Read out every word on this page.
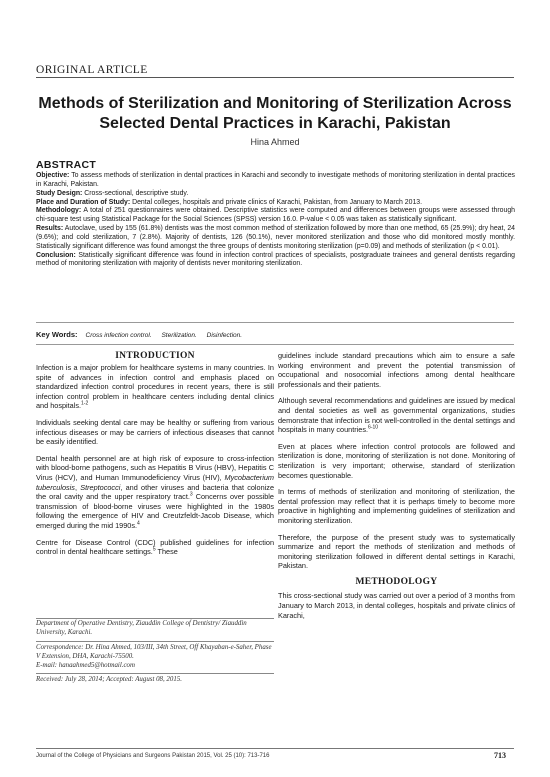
ORIGINAL ARTICLE
Methods of Sterilization and Monitoring of Sterilization Across Selected Dental Practices in Karachi, Pakistan
Hina Ahmed
ABSTRACT

Objective: To assess methods of sterilization in dental practices in Karachi and secondly to investigate methods of monitoring sterilization in dental practices in Karachi, Pakistan.

Study Design: Cross-sectional, descriptive study.

Place and Duration of Study: Dental colleges, hospitals and private clinics of Karachi, Pakistan, from January to March 2013.

Methodology: A total of 251 questionnaires were obtained. Descriptive statistics were computed and differences between groups were assessed through chi-square test using Statistical Package for the Social Sciences (SPSS) version 16.0. P-value < 0.05 was taken as statistically significant.

Results: Autoclave, used by 155 (61.8%) dentists was the most common method of sterilization followed by more than one method, 65 (25.9%); dry heat, 24 (9.6%); and cold sterilization, 7 (2.8%). Majority of dentists, 126 (50.1%), never monitored sterilization and those who did monitored mostly monthly. Statistically significant difference was found amongst the three groups of dentists monitoring sterilization (p=0.09) and methods of sterilization (p < 0.01).

Conclusion: Statistically significant difference was found in infection control practices of specialists, postgraduate trainees and general dentists regarding method of monitoring sterilization with majority of dentists never monitoring sterilization.

Key Words: Cross infection control. Sterilization. Disinfection.
INTRODUCTION

Infection is a major problem for healthcare systems in many countries. In spite of advances in infection control and emphasis placed on standardized infection control procedures in recent years, there is still infection control problem in healthcare centers including dental clinics and hospitals.$^{1-2}$

Individuals seeking dental care may be healthy or suffering from various infectious diseases or may be carriers of infectious diseases that cannot be easily identified.

Dental health personnel are at high risk of exposure to cross-infection with blood-borne pathogens, such as Hepatitis B Virus (HBV), Hepatitis C Virus (HCV), and Human Immunodeficiency Virus (HIV), Mycobacterium tuberculosis, Streptococci, and other viruses and bacteria that colonize the oral cavity and the upper respiratory tract.$^3$ Concerns over possible transmission of blood-borne viruses were highlighted in the 1980s following the emergence of HIV and Creutzfeldt-Jacob Disease, which emerged during the mid 1990s.$^4$

Centre for Disease Control (CDC) published guidelines for infection control in dental healthcare settings.$^5$ These

Department of Operative Dentistry, Ziauddin College of Dentistry/ Ziauddin University, Karachi.
Correspondence: Dr. Hina Ahmed, 103/III, 34th Street, Off Khayaban-e-Saher, Phase V Extension, DHA, Karachi-75500.
E-mail: hanaahmed5@hotmail.com
Received: July 28, 2014; Accepted: August 08, 2015.

guidelines include standard precautions which aim to ensure a safe working environment and prevent the potential transmission of occupational and nosocomial infections among dental healthcare professionals and their patients.

Although several recommendations and guidelines are issued by medical and dental societies as well as governmental organizations, studies demonstrate that infection is not well-controlled in the dental settings and hospitals in many countries.$^{6-10}$

Even at places where infection control protocols are followed and sterilization is done, monitoring of sterilization is not done. Monitoring of sterilization is very important; otherwise, standard of sterilization becomes questionable.

In terms of methods of sterilization and monitoring of sterilization, the dental profession may reflect that it is perhaps timely to become more proactive in highlighting and implementing guidelines of sterilization and monitoring sterilization.

Therefore, the purpose of the present study was to systematically summarize and report the methods of sterilization and methods of monitoring sterilization followed in different dental settings in Karachi, Pakistan.

METHODOLOGY

This cross-sectional study was carried out over a period of 3 months from January to March 2013, in dental colleges, hospitals and private clinics of Karachi,

Journal of the College of Physicians and Surgeons Pakistan 2015, Vol. 25 (10): 713-716	713
